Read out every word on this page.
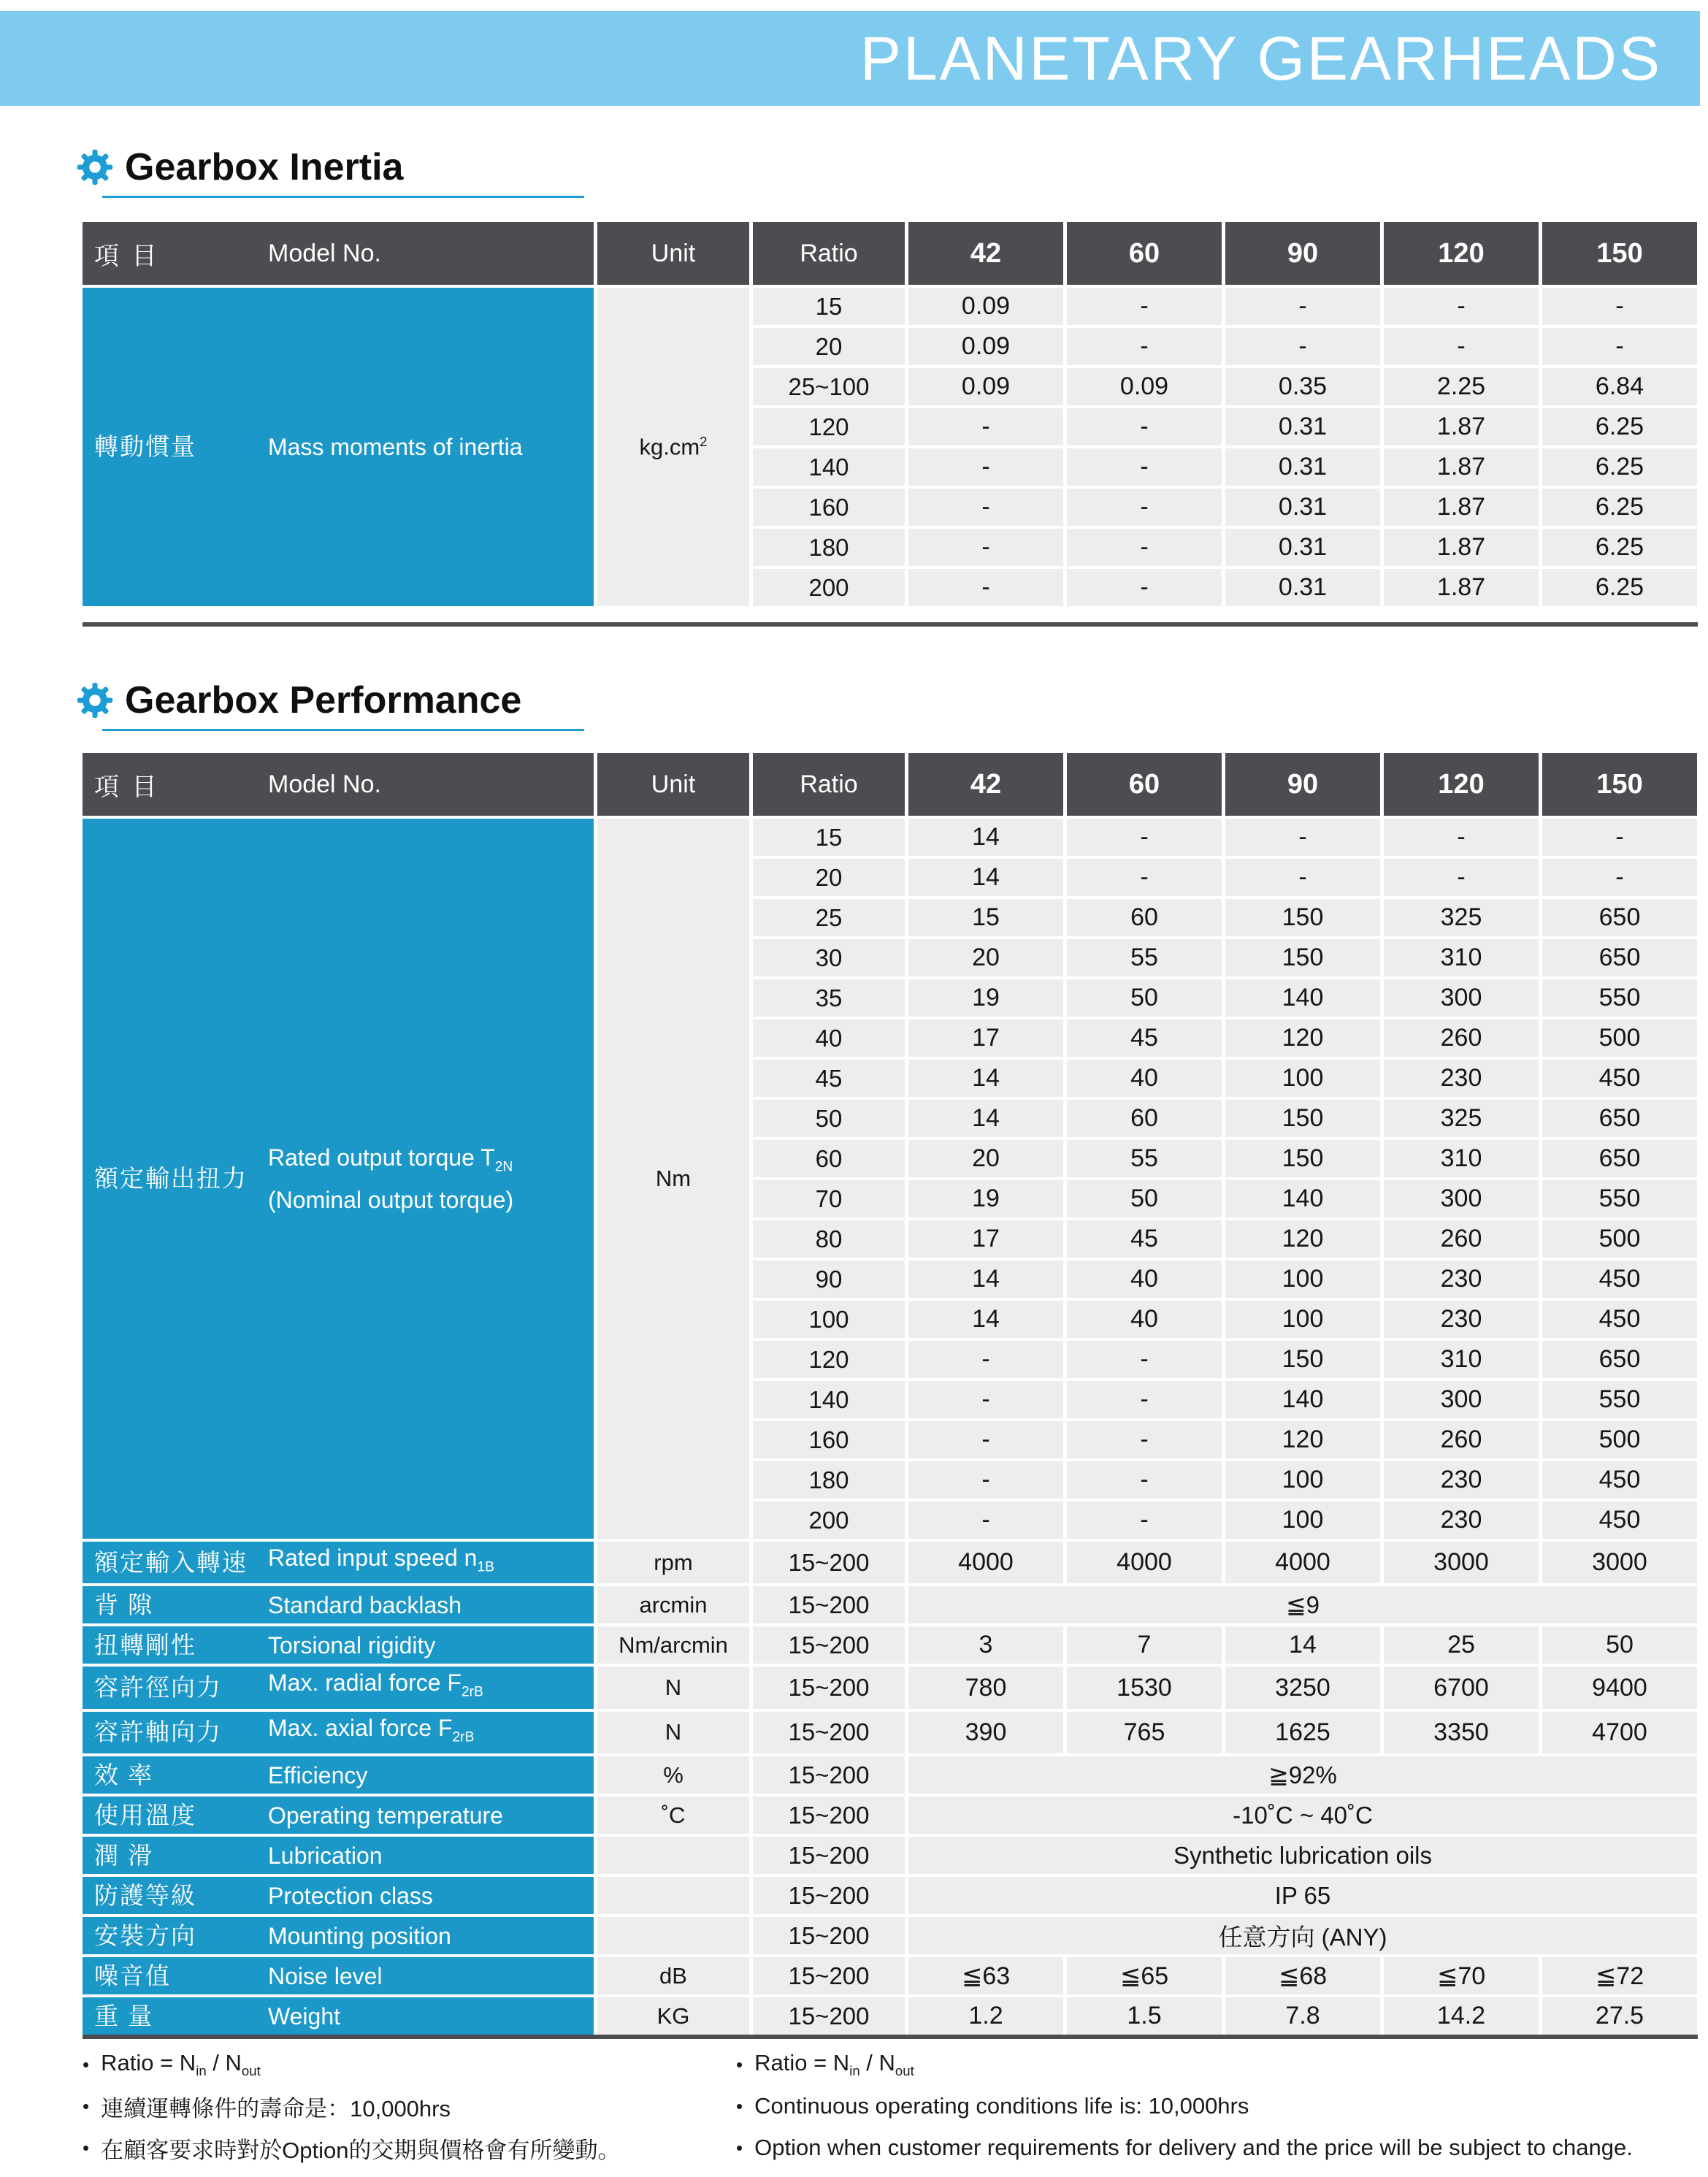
PLANETARY GEARHEADS
Gearbox Inertia
項 目 Model No.	Unit	Ratio	42	60	90	120	150

轉動慣量 Mass moments of inertia	$kg.cm^2$	15	0.09	-	-	-	-
		20	0.09	-	-	-	-
		25~100	0.09	0.09	0.35	2.25	6.84
		120	-	-	0.31	1.87	6.25
		140	-	-	0.31	1.87	6.25
		160	-	-	0.31	1.87	6.25
		180	-	-	0.31	1.87	6.25
		200	-	-	0.31	1.87	6.25
Gearbox Performance
項 目 Model No.	Unit	Ratio	42	60	90	120	150

額定輸出扭力
Rated output torque $T_{2N}$
(Nominal output torque)	Nm	15	14	-	-	-	-
		20	14	-	-	-	-
		25	15	60	150	325	650
		30	20	55	150	310	650
		35	19	50	140	300	550
		40	17	45	120	260	500
		45	14	40	100	230	450
		50	14	60	150	325	650
		60	20	55	150	310	650
		70	19	50	140	300	550
		80	17	45	120	260	500
		90	14	40	100	230	450
		100	14	40	100	230	450
		120	-	-	150	310	650
		140	-	-	140	300	550
		160	-	-	120	260	500
		180	-	-	100	230	450
		200	-	-	100	230	450

額定輸入轉速 Rated input speed $n_{1B}$	rpm	15~200	4000	4000	4000	3000	3000

背 隙 Standard backlash	arcmin	15~200	≦9				

扭轉剛性 Torsional rigidity	Nm/arcmin	15~200	3	7	14	25	50

容許徑向力 Max. radial force $F_{2rB}$	N	15~200	780	1530	3250	6700	9400

容許軸向力 Max. axial force $F_{2rB}$	N	15~200	390	765	1625	3350	4700

效 率 Efficiency	%	15~200	≧92%				

使用溫度 Operating temperature	˚C	15~200	-10˚C ~ 40˚C				

潤 滑 Lubrication		15~200	Synthetic lubrication oils				

防護等級 Protection class		15~200	IP 65				

安裝方向 Mounting position		15~200	任意方向 (ANY)				

噪音值 Noise level	dB	15~200	≦63	≦65	≦68	≦70	≦72

重 量 Weight	KG	15~200	1.2	1.5	7.8	14.2	27.5
• Ratio = $N_{in} / N_{out}$
• 連續運轉條件的壽命是：10,000hrs
• 在顧客要求時對於Option的交期與價格會有所變動。
• Ratio = $N_{in} / N_{out}$
• Continuous operating conditions life is: 10,000hrs
• Option when customer requirements for delivery and the price will be subject to change.
